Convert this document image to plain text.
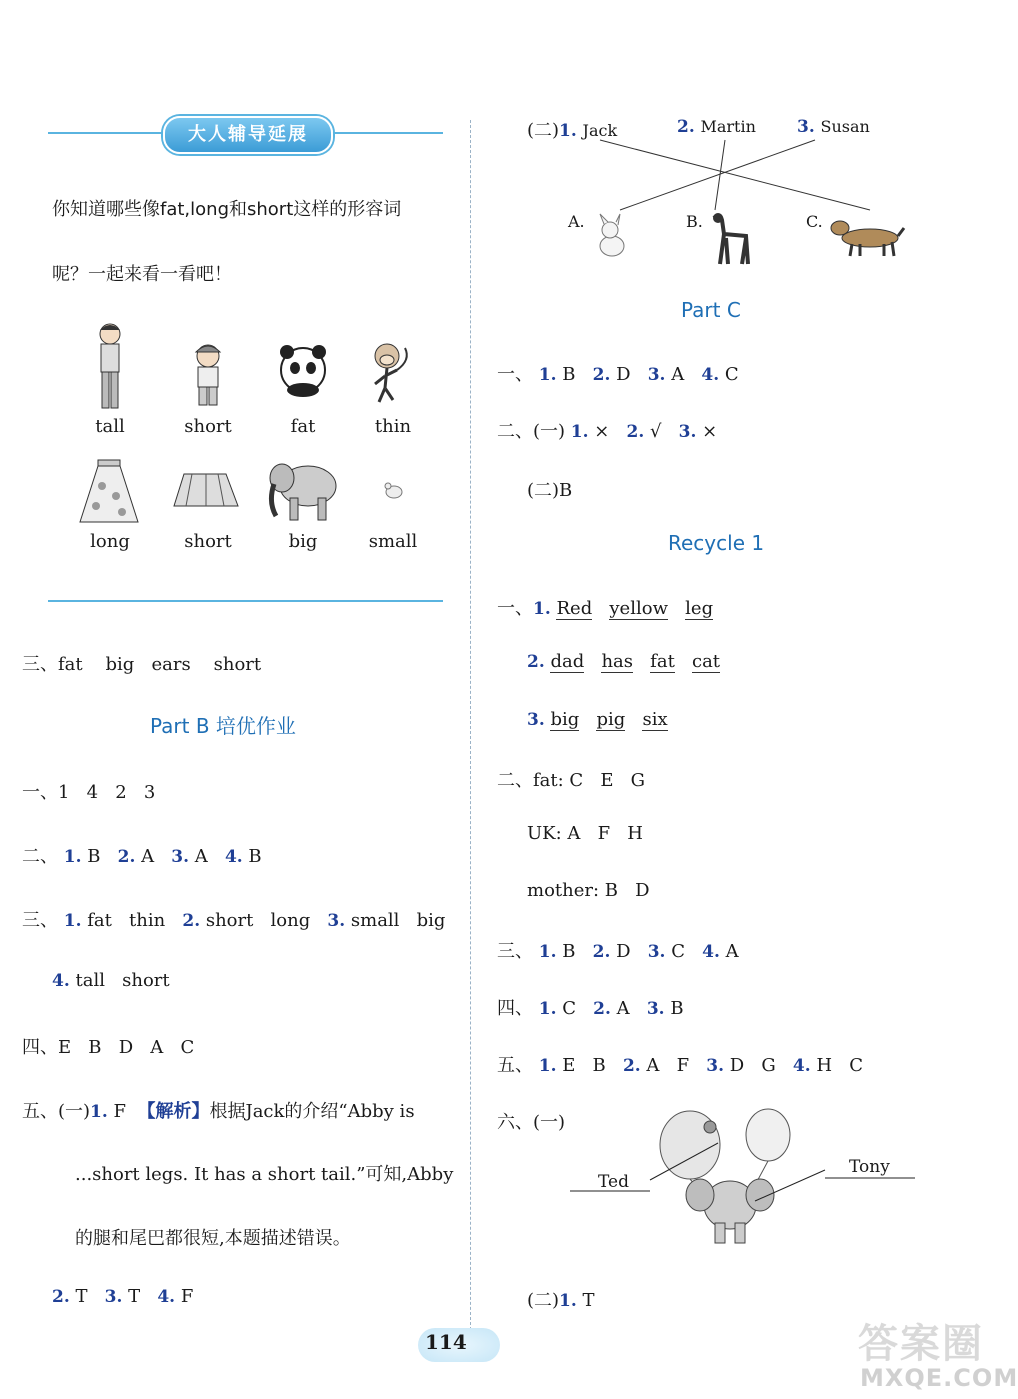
大人辅导延展
你知道哪些像fat,long和short这样的形容词
呢？一起来看一看吧！
tall	short	fat	thin
long	short	big	small
三、fat big ears short
Part B 培优作业
一、1   4   2   3
二、 1. B 2. A 3. A 4. B
三、 1. fat   thin 2. short   long 3. small   big
4. tall   short
四、E   B   D   A   C
五、(一)1. F 【解析】根据Jack的介绍“Abby is
...short legs. It has a short tail.”可知,Abby
的腿和尾巴都很短,本题描述错误。
2. T 3. T 4. F
(二)1. Jack	2. Martin 3. Susan
A.	B.	C.
Part C
一、 1. B 2. D 3. A 4. C
二、(一) 1. × 2. √ 3. ×
(二)B
Recycle 1
一、1. Red yellow leg
2. dad has fat cat
3. big pig six
二、fat: C   E   G
UK: A   F   H
mother: B   D
三、 1. B 2. D 3. C 4. A
四、 1. C 2. A 3. B
五、 1. E   B 2. A   F 3. D   G 4. H   C
六、(一)
Ted
Tony
(二)1. T
114	答案圈
MXQE.COM
